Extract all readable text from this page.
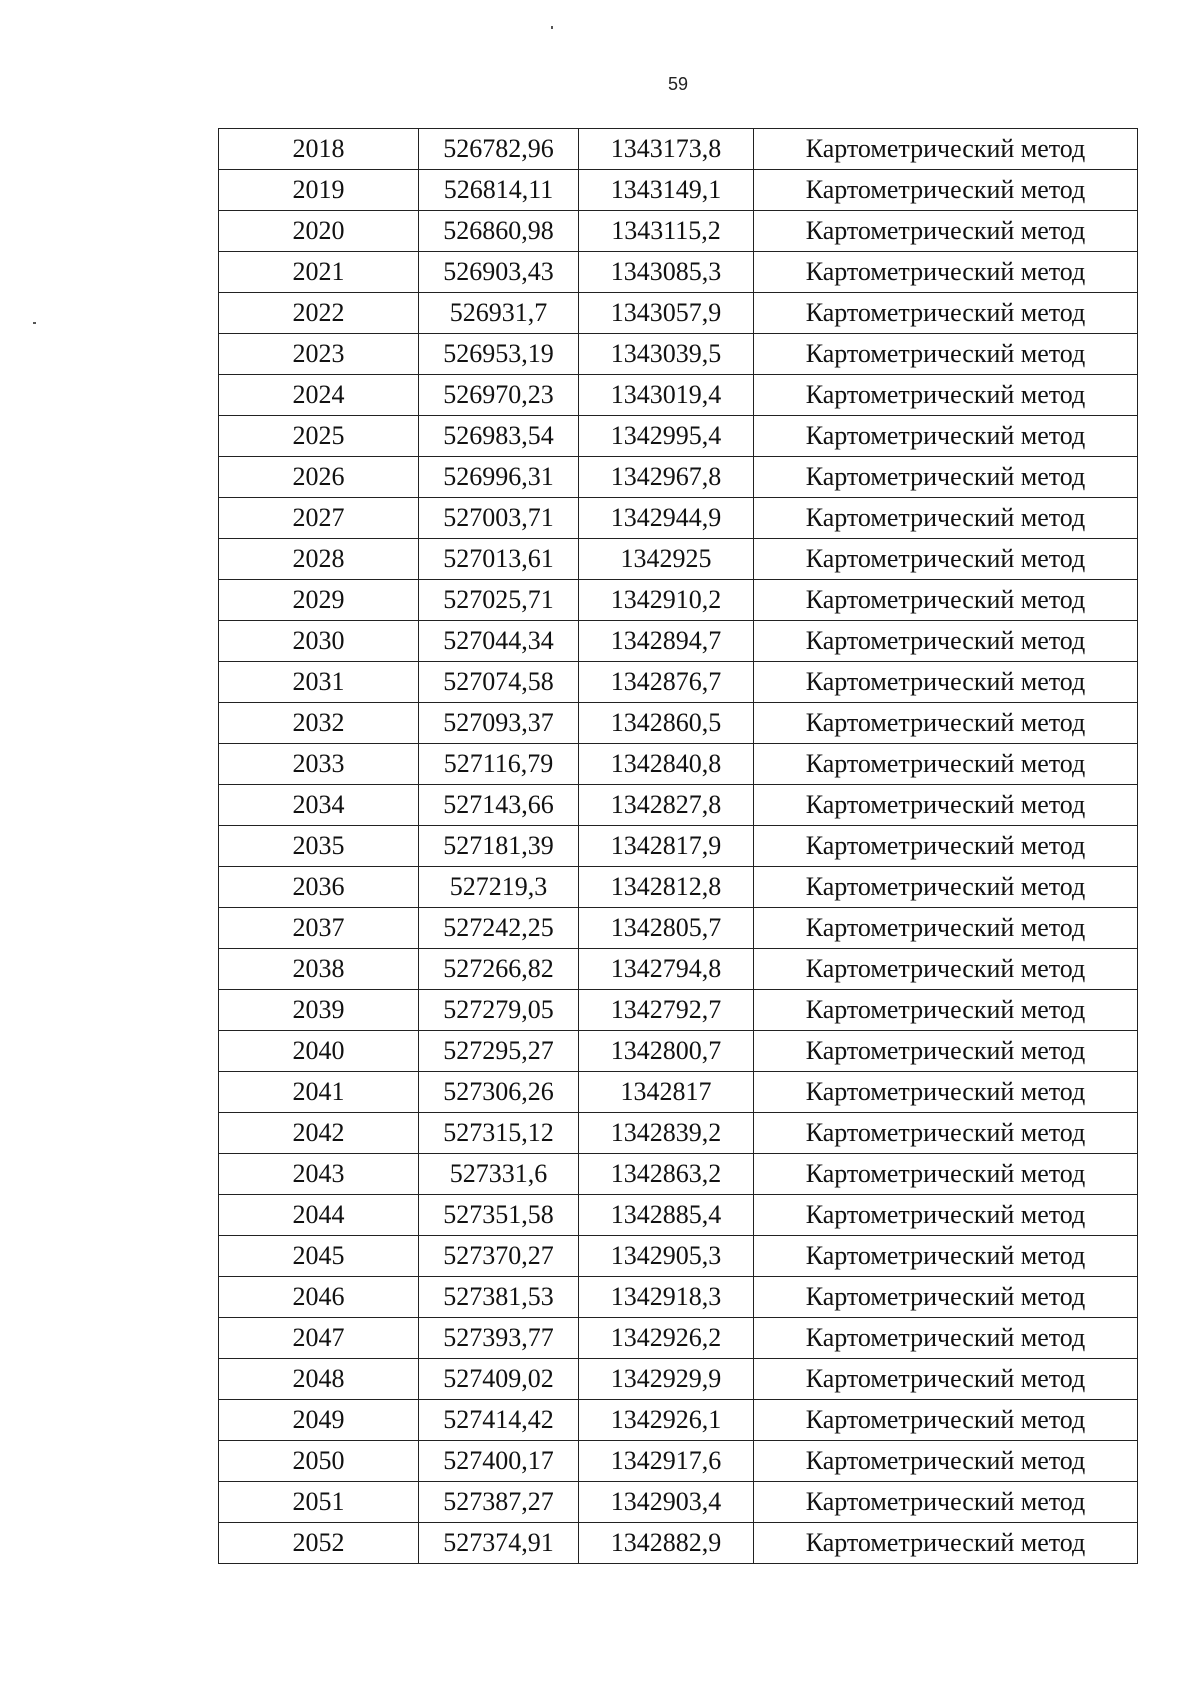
59
2018	526782,96	1343173,8	Картометрический метод
2019	526814,11	1343149,1	Картометрический метод
2020	526860,98	1343115,2	Картометрический метод
2021	526903,43	1343085,3	Картометрический метод
2022	526931,7	1343057,9	Картометрический метод
2023	526953,19	1343039,5	Картометрический метод
2024	526970,23	1343019,4	Картометрический метод
2025	526983,54	1342995,4	Картометрический метод
2026	526996,31	1342967,8	Картометрический метод
2027	527003,71	1342944,9	Картометрический метод
2028	527013,61	1342925	Картометрический метод
2029	527025,71	1342910,2	Картометрический метод
2030	527044,34	1342894,7	Картометрический метод
2031	527074,58	1342876,7	Картометрический метод
2032	527093,37	1342860,5	Картометрический метод
2033	527116,79	1342840,8	Картометрический метод
2034	527143,66	1342827,8	Картометрический метод
2035	527181,39	1342817,9	Картометрический метод
2036	527219,3	1342812,8	Картометрический метод
2037	527242,25	1342805,7	Картометрический метод
2038	527266,82	1342794,8	Картометрический метод
2039	527279,05	1342792,7	Картометрический метод
2040	527295,27	1342800,7	Картометрический метод
2041	527306,26	1342817	Картометрический метод
2042	527315,12	1342839,2	Картометрический метод
2043	527331,6	1342863,2	Картометрический метод
2044	527351,58	1342885,4	Картометрический метод
2045	527370,27	1342905,3	Картометрический метод
2046	527381,53	1342918,3	Картометрический метод
2047	527393,77	1342926,2	Картометрический метод
2048	527409,02	1342929,9	Картометрический метод
2049	527414,42	1342926,1	Картометрический метод
2050	527400,17	1342917,6	Картометрический метод
2051	527387,27	1342903,4	Картометрический метод
2052	527374,91	1342882,9	Картометрический метод
